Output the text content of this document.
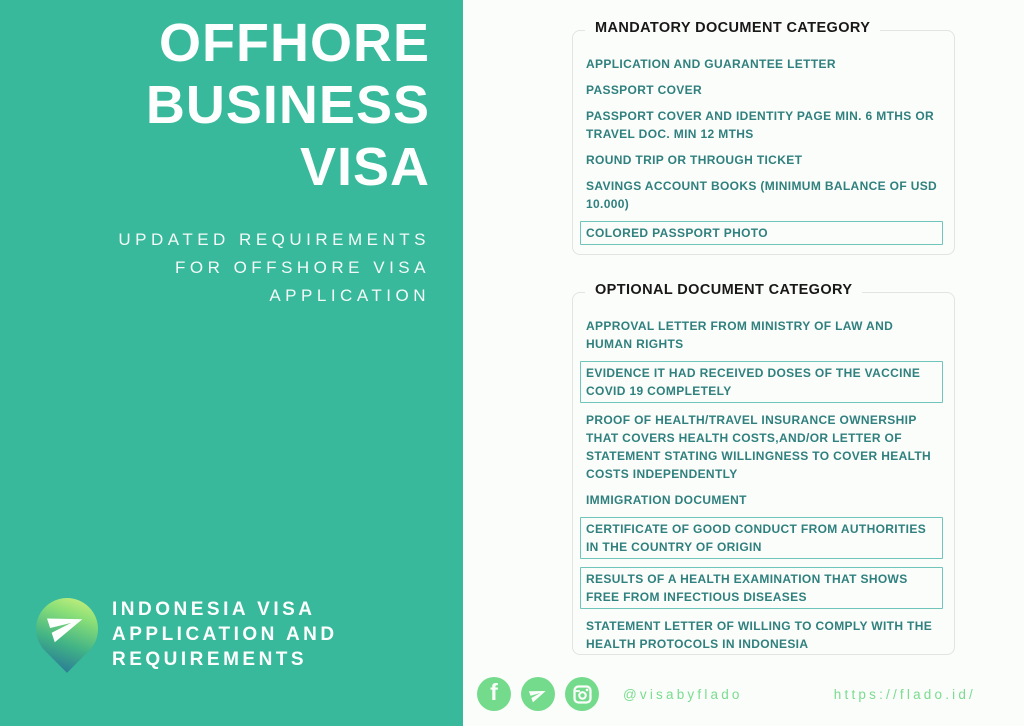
OFFHORE
BUSINESS
VISA
UPDATED REQUIREMENTS
FOR OFFSHORE VISA
APPLICATION
INDONESIA VISA
APPLICATION AND
REQUIREMENTS
MANDATORY DOCUMENT CATEGORY
APPLICATION AND GUARANTEE LETTER
PASSPORT COVER
PASSPORT COVER AND IDENTITY PAGE MIN. 6 MTHS OR TRAVEL DOC. MIN 12 MTHS
ROUND TRIP OR THROUGH TICKET
SAVINGS ACCOUNT BOOKS (MINIMUM BALANCE OF USD 10.000)
COLORED PASSPORT PHOTO
OPTIONAL DOCUMENT CATEGORY
APPROVAL LETTER FROM MINISTRY OF LAW AND HUMAN RIGHTS
EVIDENCE IT HAD RECEIVED DOSES OF THE VACCINE COVID 19 COMPLETELY
PROOF OF HEALTH/TRAVEL INSURANCE OWNERSHIP THAT COVERS HEALTH COSTS,AND/OR LETTER OF STATEMENT STATING WILLINGNESS TO COVER HEALTH COSTS INDEPENDENTLY
IMMIGRATION DOCUMENT
CERTIFICATE OF GOOD CONDUCT FROM AUTHORITIES IN THE COUNTRY OF ORIGIN
RESULTS OF A HEALTH EXAMINATION THAT SHOWS FREE FROM INFECTIOUS DISEASES
STATEMENT LETTER OF WILLING TO COMPLY WITH THE HEALTH PROTOCOLS IN INDONESIA
f	@visabyflado	https://flado.id/
